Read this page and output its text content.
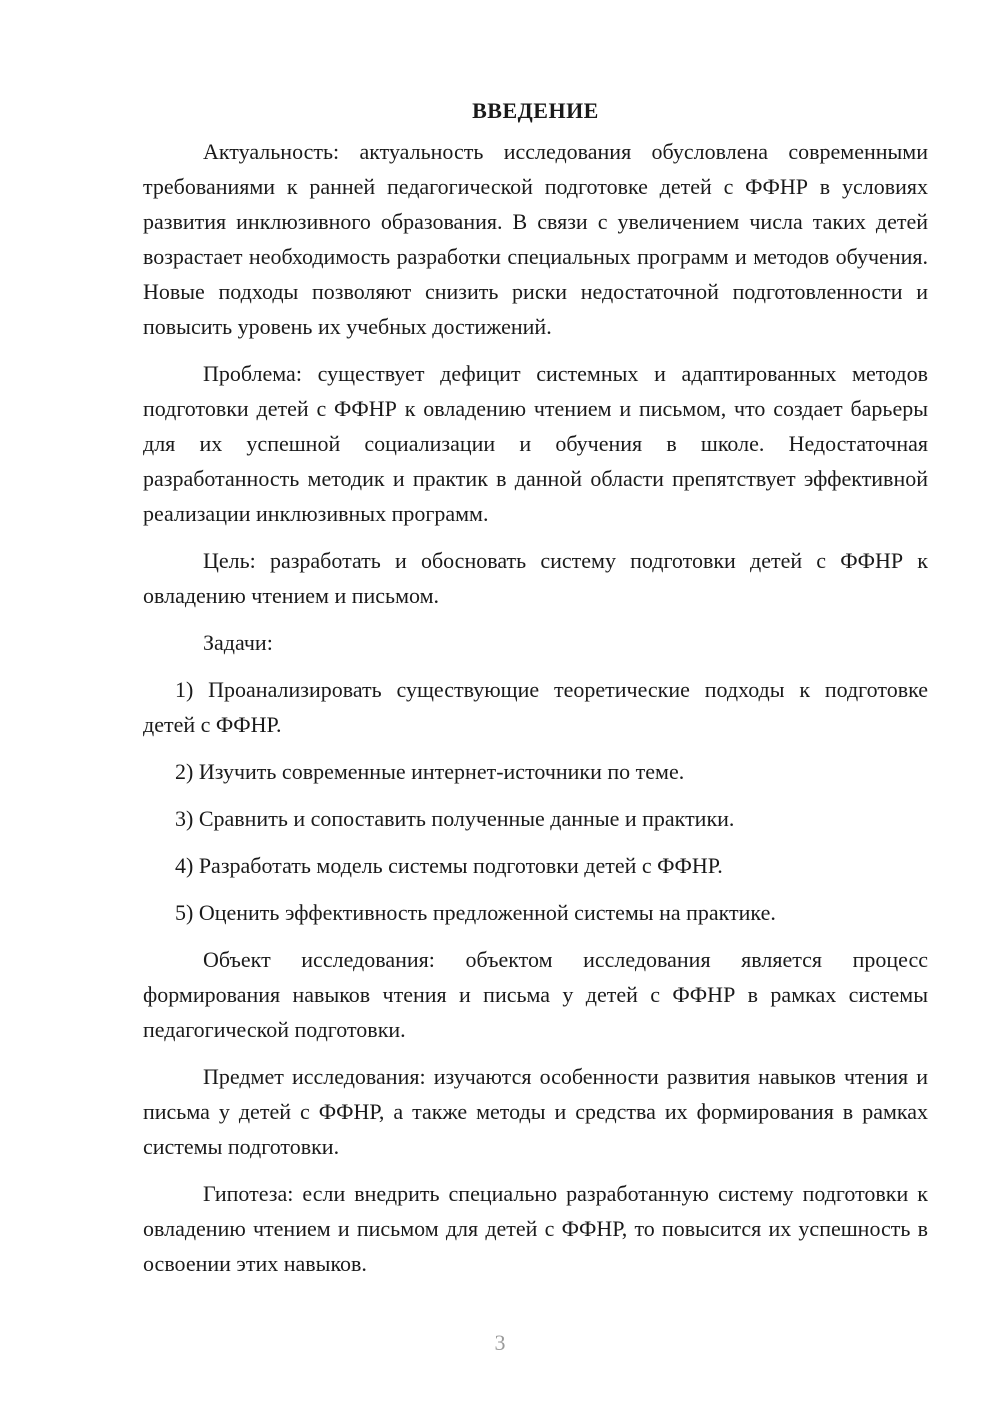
ВВЕДЕНИЕ

Актуальность: актуальность исследования обусловлена современными требованиями к ранней педагогической подготовке детей с ФФНР в условиях развития инклюзивного образования. В связи с увеличением числа таких детей возрастает необходимость разработки специальных программ и методов обучения. Новые подходы позволяют снизить риски недостаточной подготовленности и повысить уровень их учебных достижений.

Проблема: существует дефицит системных и адаптированных методов подготовки детей с ФФНР к овладению чтением и письмом, что создает барьеры для их успешной социализации и обучения в школе. Недостаточная разработанность методик и практик в данной области препятствует эффективной реализации инклюзивных программ.

Цель: разработать и обосновать систему подготовки детей с ФФНР к овладению чтением и письмом.

Задачи:

1) Проанализировать существующие теоретические подходы к подготовке детей с ФФНР.

2) Изучить современные интернет-источники по теме.

3) Сравнить и сопоставить полученные данные и практики.

4) Разработать модель системы подготовки детей с ФФНР.

5) Оценить эффективность предложенной системы на практике.

Объект исследования: объектом исследования является процесс формирования навыков чтения и письма у детей с ФФНР в рамках системы педагогической подготовки.

Предмет исследования: изучаются особенности развития навыков чтения и письма у детей с ФФНР, а также методы и средства их формирования в рамках системы подготовки.

Гипотеза: если внедрить специально разработанную систему подготовки к овладению чтением и письмом для детей с ФФНР, то повысится их успешность в освоении этих навыков.

3
